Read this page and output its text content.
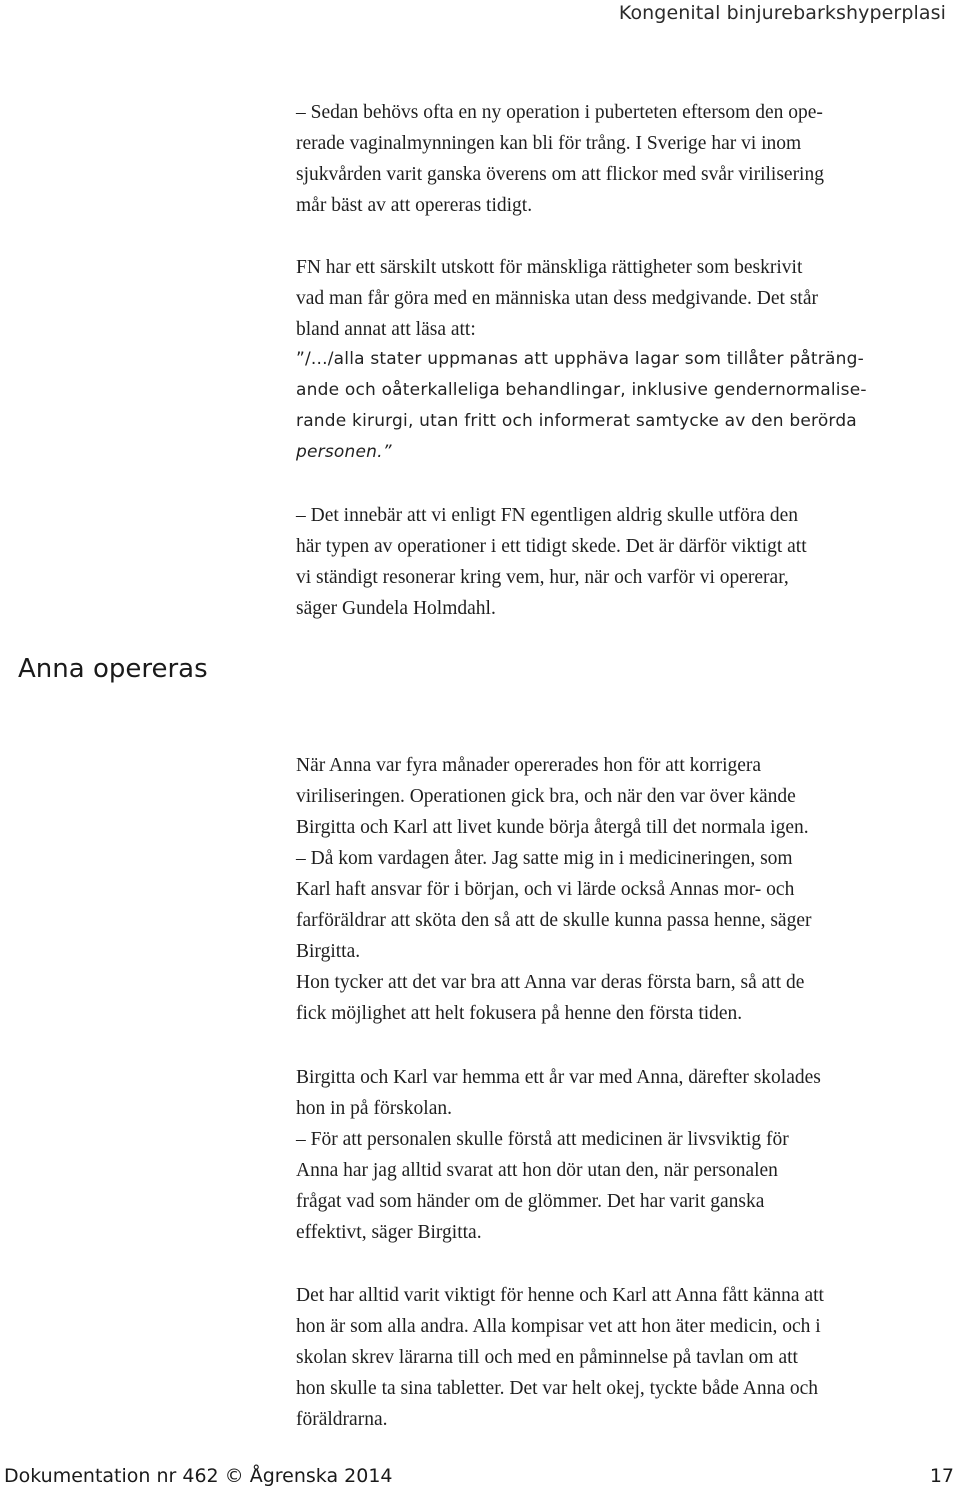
Kongenital binjurebarkshyperplasi
– Sedan behövs ofta en ny operation i puberteten eftersom den ope-
rerade vaginalmynningen kan bli för trång. I Sverige har vi inom
sjukvården varit ganska överens om att flickor med svår virilisering
mår bäst av att opereras tidigt.
FN har ett särskilt utskott för mänskliga rättigheter som beskrivit
vad man får göra med en människa utan dess medgivande. Det står
bland annat att läsa att:
”/.../alla stater uppmanas att upphäva lagar som tillåter påträng-
ande och oåterkalleliga behandlingar, inklusive gendernormalise-
rande kirurgi, utan fritt och informerat samtycke av den berörda
personen.”
– Det innebär att vi enligt FN egentligen aldrig skulle utföra den
här typen av operationer i ett tidigt skede. Det är därför viktigt att
vi ständigt resonerar kring vem, hur, när och varför vi opererar,
säger Gundela Holmdahl.
Anna opereras
När Anna var fyra månader opererades hon för att korrigera
viriliseringen. Operationen gick bra, och när den var över kände
Birgitta och Karl att livet kunde börja återgå till det normala igen.
– Då kom vardagen åter. Jag satte mig in i medicineringen, som
Karl haft ansvar för i början, och vi lärde också Annas mor- och
farföräldrar att sköta den så att de skulle kunna passa henne, säger
Birgitta.
Hon tycker att det var bra att Anna var deras första barn, så att de
fick möjlighet att helt fokusera på henne den första tiden.
Birgitta och Karl var hemma ett år var med Anna, därefter skolades
hon in på förskolan.
– För att personalen skulle förstå att medicinen är livsviktig för
Anna har jag alltid svarat att hon dör utan den, när personalen
frågat vad som händer om de glömmer. Det har varit ganska
effektivt, säger Birgitta.
Det har alltid varit viktigt för henne och Karl att Anna fått känna att
hon är som alla andra. Alla kompisar vet att hon äter medicin, och i
skolan skrev lärarna till och med en påminnelse på tavlan om att
hon skulle ta sina tabletter. Det var helt okej, tyckte både Anna och
föräldrarna.
Dokumentation nr 462 © Ågrenska 2014	17
